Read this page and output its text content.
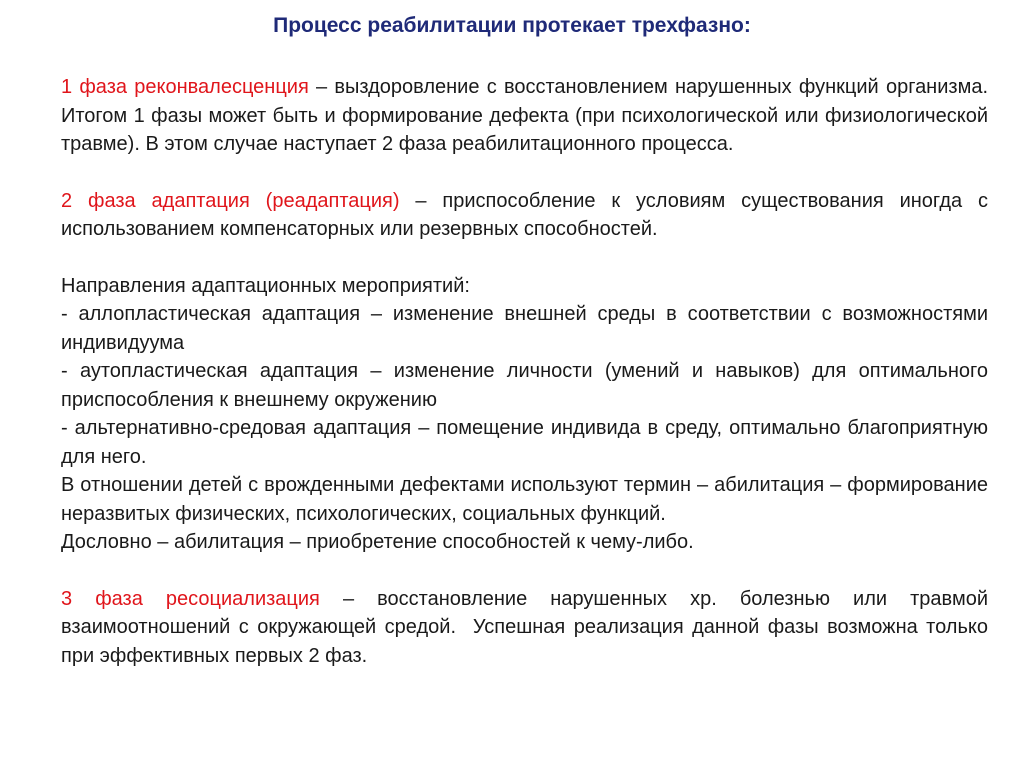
Процесс реабилитации протекает трехфазно:

1 фаза реконвалесценция – выздоровление с восстановлением нарушенных функций организма. Итогом 1 фазы может быть и формирование дефекта (при психологической или физиологической травме). В этом случае наступает 2 фаза реабилитационного процесса.

2 фаза адаптация (реадаптация) – приспособление к условиям существования иногда с использованием компенсаторных или резервных способностей.

Направления адаптационных мероприятий:

- аллопластическая адаптация – изменение внешней среды в соответствии с возможностями индивидуума

- аутопластическая адаптация – изменение личности (умений и навыков) для оптимального приспособления к внешнему окружению

- альтернативно-средовая адаптация – помещение индивида в среду, оптимально благоприятную для него.

В отношении детей с врожденными дефектами используют термин – абилитация – формирование неразвитых физических, психологических, социальных функций.

Дословно – абилитация – приобретение способностей к чему-либо.

3 фаза ресоциализация – восстановление нарушенных хр. болезнью или травмой взаимоотношений с окружающей средой.  Успешная реализация данной фазы возможна только при эффективных первых 2 фаз.
